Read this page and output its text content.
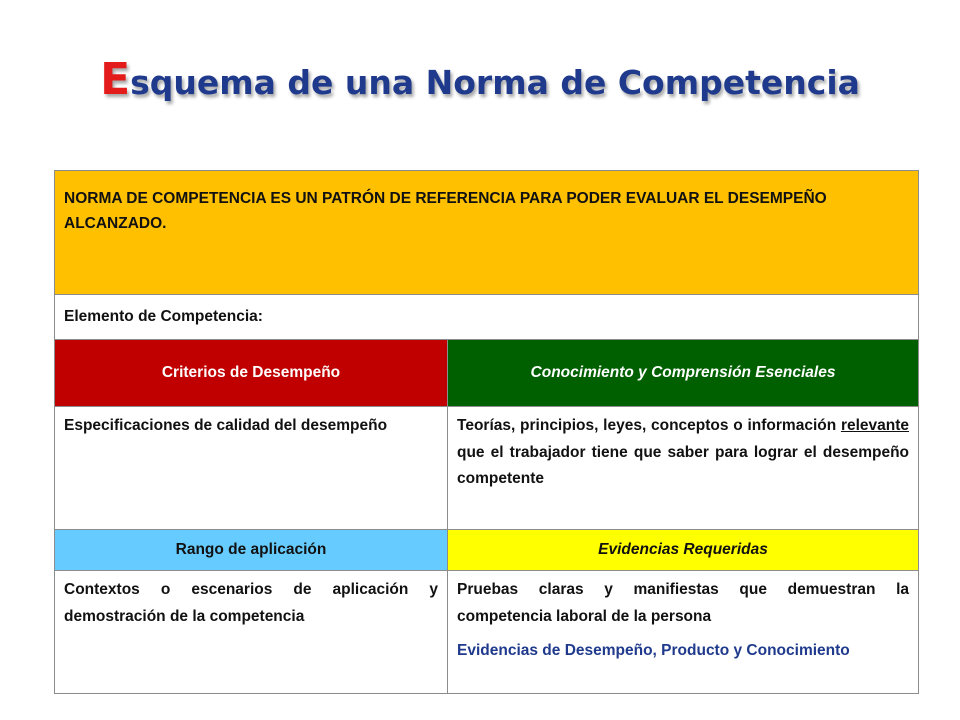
Esquema de una Norma de Competencia
NORMA DE COMPETENCIA ES UN PATRÓN DE REFERENCIA PARA PODER EVALUAR EL DESEMPEÑO ALCANZADO.	
Elemento de Competencia:	
Criterios de Desempeño	Conocimiento y Comprensión Esenciales
Especificaciones de calidad del desempeño	Teorías, principios, leyes, conceptos o información relevante que el trabajador tiene que saber para lograr el desempeño competente
Rango de aplicación	Evidencias Requeridas
Contextos o escenarios de aplicación y demostración de la competencia	Pruebas claras y manifiestas que demuestran la competencia laboral de la persona
Evidencias de Desempeño, Producto y Conocimiento
